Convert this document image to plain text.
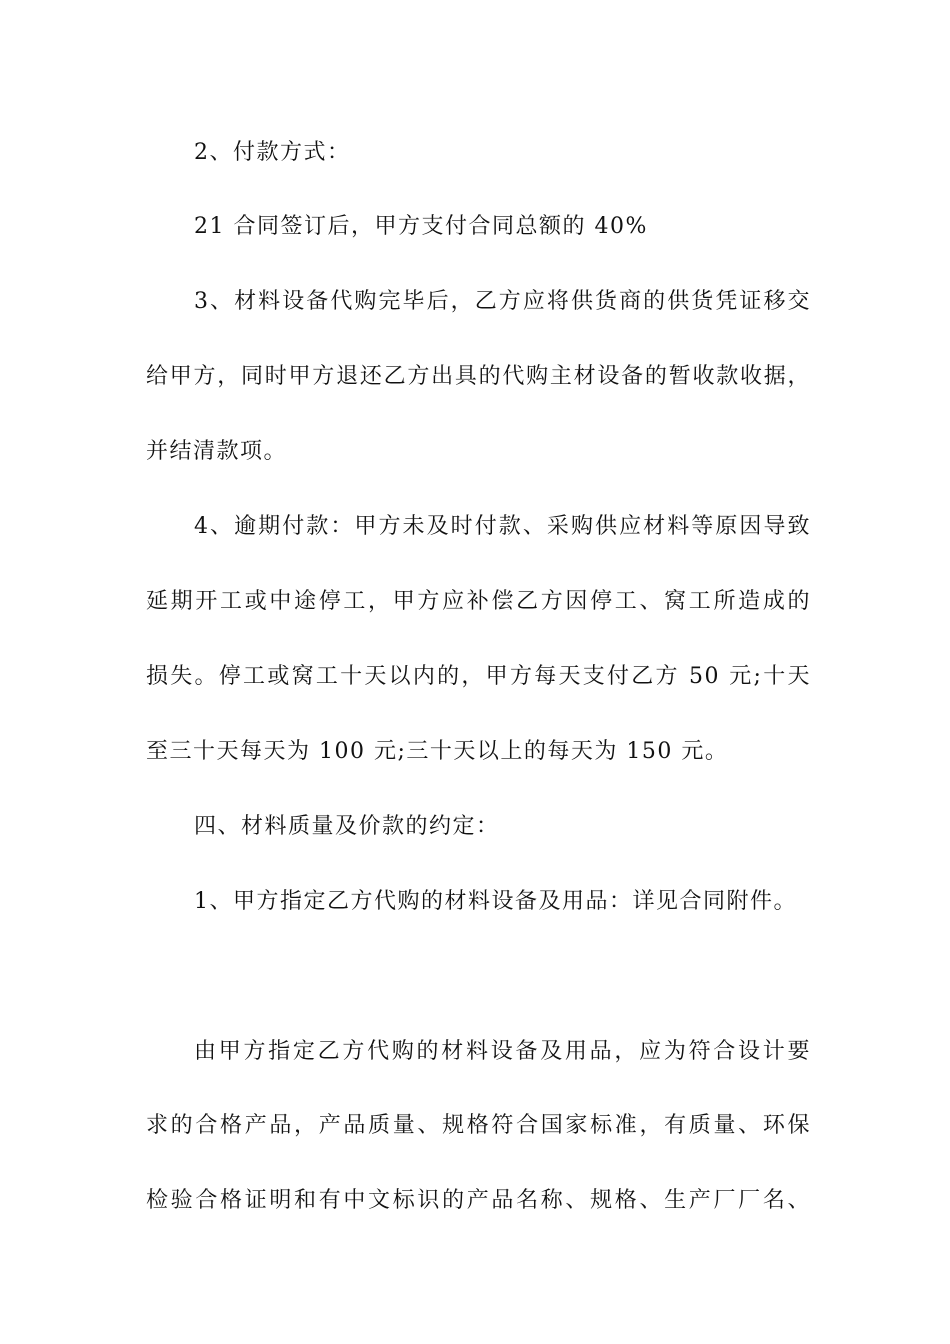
2、付款方式：
21 合同签订后，甲方支付合同总额的 40%
3、材料设备代购完毕后，乙方应将供货商的供货凭证移交
给甲方，同时甲方退还乙方出具的代购主材设备的暂收款收据，
并结清款项。
4、逾期付款：甲方未及时付款、采购供应材料等原因导致
延期开工或中途停工，甲方应补偿乙方因停工、窝工所造成的
损失。停工或窝工十天以内的，甲方每天支付乙方 50 元;十天
至三十天每天为 100 元;三十天以上的每天为 150 元。
四、材料质量及价款的约定：
1、甲方指定乙方代购的材料设备及用品：详见合同附件。
由甲方指定乙方代购的材料设备及用品，应为符合设计要
求的合格产品，产品质量、规格符合国家标准，有质量、环保
检验合格证明和有中文标识的产品名称、规格、生产厂厂名、
